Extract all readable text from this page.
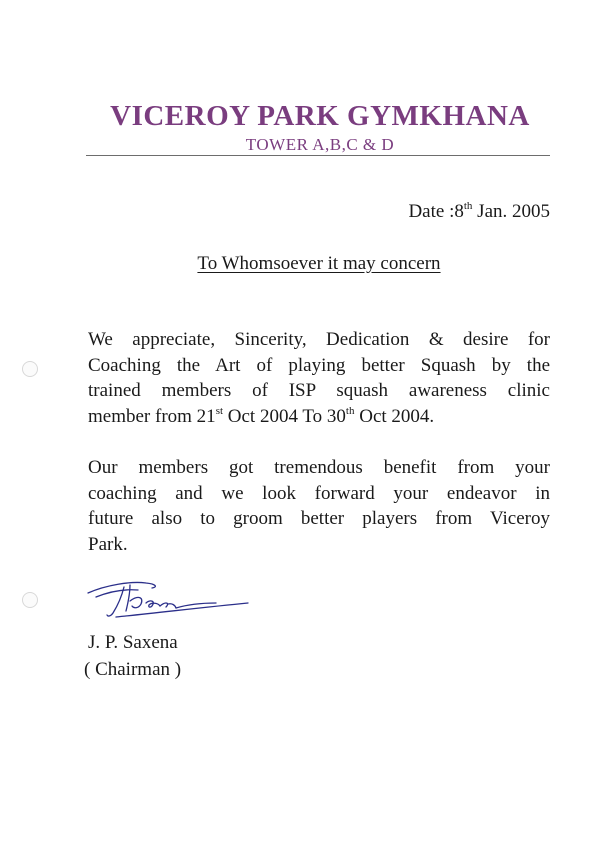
VICEROY PARK GYMKHANA
TOWER A,B,C & D
Date :8th Jan. 2005
To Whomsoever it may concern
We appreciate, Sincerity, Dedication & desire for
Coaching the Art of playing better Squash by the
trained members of ISP squash awareness clinic
member from 21st Oct 2004 To 30th Oct 2004.
Our members got tremendous benefit from your
coaching and we look forward your endeavor in
future also to groom better players from Viceroy
Park.
J. P. Saxena
( Chairman )
